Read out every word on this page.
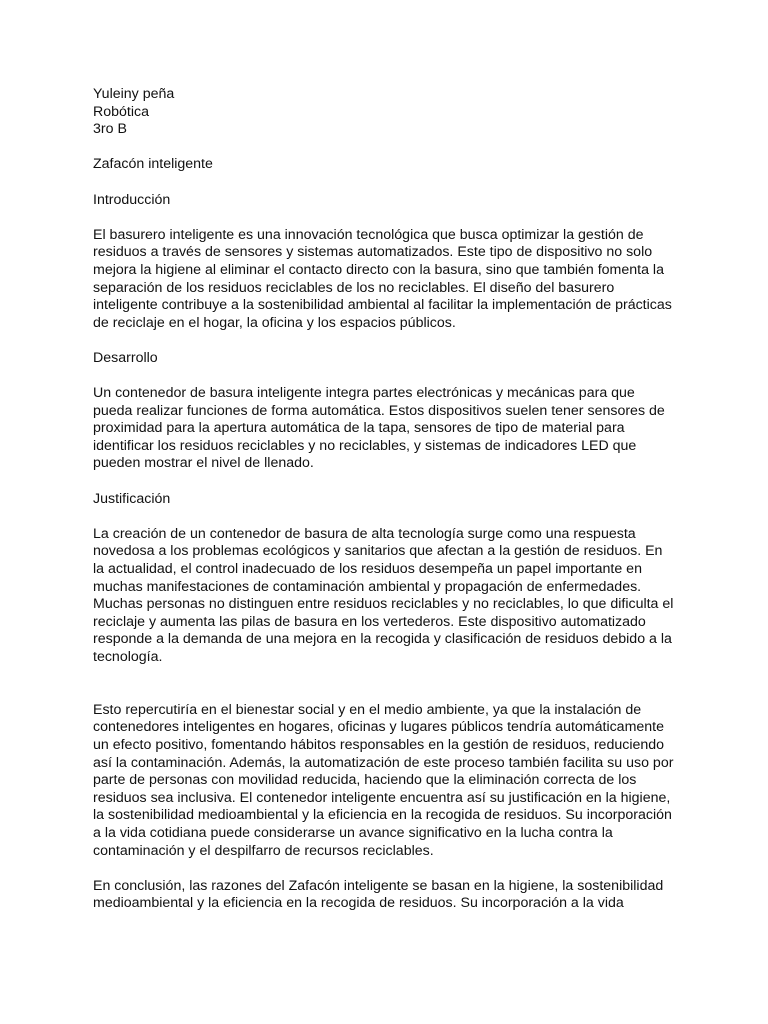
Yuleiny peña

Robótica

3ro B

Zafacón inteligente

Introducción

El basurero inteligente es una innovación tecnológica que busca optimizar la gestión de
residuos a través de sensores y sistemas automatizados. Este tipo de dispositivo no solo
mejora la higiene al eliminar el contacto directo con la basura, sino que también fomenta la
separación de los residuos reciclables de los no reciclables. El diseño del basurero
inteligente contribuye a la sostenibilidad ambiental al facilitar la implementación de prácticas
de reciclaje en el hogar, la oficina y los espacios públicos.

Desarrollo

Un contenedor de basura inteligente integra partes electrónicas y mecánicas para que
pueda realizar funciones de forma automática. Estos dispositivos suelen tener sensores de
proximidad para la apertura automática de la tapa, sensores de tipo de material para
identificar los residuos reciclables y no reciclables, y sistemas de indicadores LED que
pueden mostrar el nivel de llenado.

Justificación

La creación de un contenedor de basura de alta tecnología surge como una respuesta
novedosa a los problemas ecológicos y sanitarios que afectan a la gestión de residuos. En
la actualidad, el control inadecuado de los residuos desempeña un papel importante en
muchas manifestaciones de contaminación ambiental y propagación de enfermedades.
Muchas personas no distinguen entre residuos reciclables y no reciclables, lo que dificulta el
reciclaje y aumenta las pilas de basura en los vertederos. Este dispositivo automatizado
responde a la demanda de una mejora en la recogida y clasificación de residuos debido a la
tecnología.

Esto repercutiría en el bienestar social y en el medio ambiente, ya que la instalación de
contenedores inteligentes en hogares, oficinas y lugares públicos tendría automáticamente
un efecto positivo, fomentando hábitos responsables en la gestión de residuos, reduciendo
así la contaminación. Además, la automatización de este proceso también facilita su uso por
parte de personas con movilidad reducida, haciendo que la eliminación correcta de los
residuos sea inclusiva. El contenedor inteligente encuentra así su justificación en la higiene,
la sostenibilidad medioambiental y la eficiencia en la recogida de residuos. Su incorporación
a la vida cotidiana puede considerarse un avance significativo en la lucha contra la
contaminación y el despilfarro de recursos reciclables.

En conclusión, las razones del Zafacón inteligente se basan en la higiene, la sostenibilidad
medioambiental y la eficiencia en la recogida de residuos. Su incorporación a la vida
